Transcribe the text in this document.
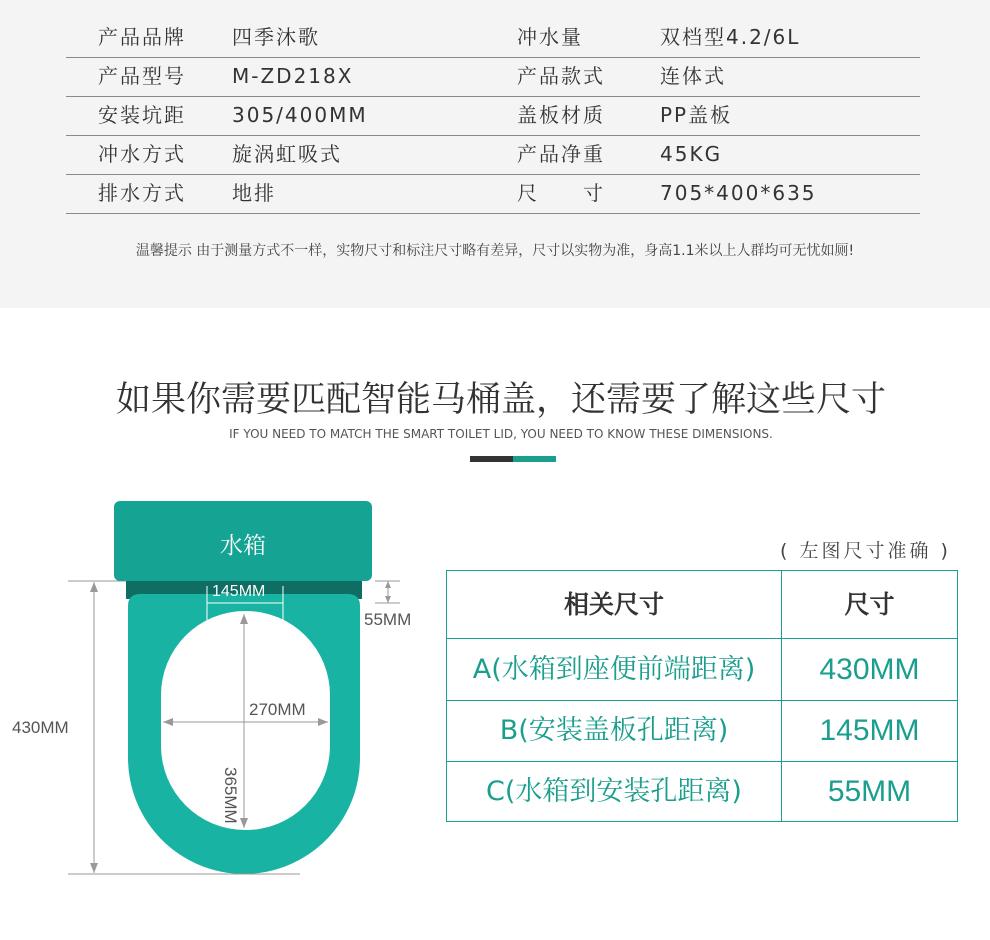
产品品牌 四季沐歌	冲水量	双档型4.2/6L
产品型号 M-ZD218X	产品款式	连体式
安装坑距 305/400MM	盖板材质	PP盖板
冲水方式 旋涡虹吸式	产品净重	45KG
排水方式 地排	尺　　寸	705*400*635
温馨提示 由于测量方式不一样，实物尺寸和标注尺寸略有差异，尺寸以实物为准，身高1.1米以上人群均可无忧如厕!
如果你需要匹配智能马桶盖，还需要了解这些尺寸
IF YOU NEED TO MATCH THE SMART TOILET LID, YOU NEED TO KNOW THESE DIMENSIONS.
水箱
145MM
55MM
430MM
270MM
365MM
( 左图尺寸准确 )
相关尺寸	尺寸
A(水箱到座便前端距离)	430MM
B(安装盖板孔距离)	145MM
C(水箱到安装孔距离)	55MM
